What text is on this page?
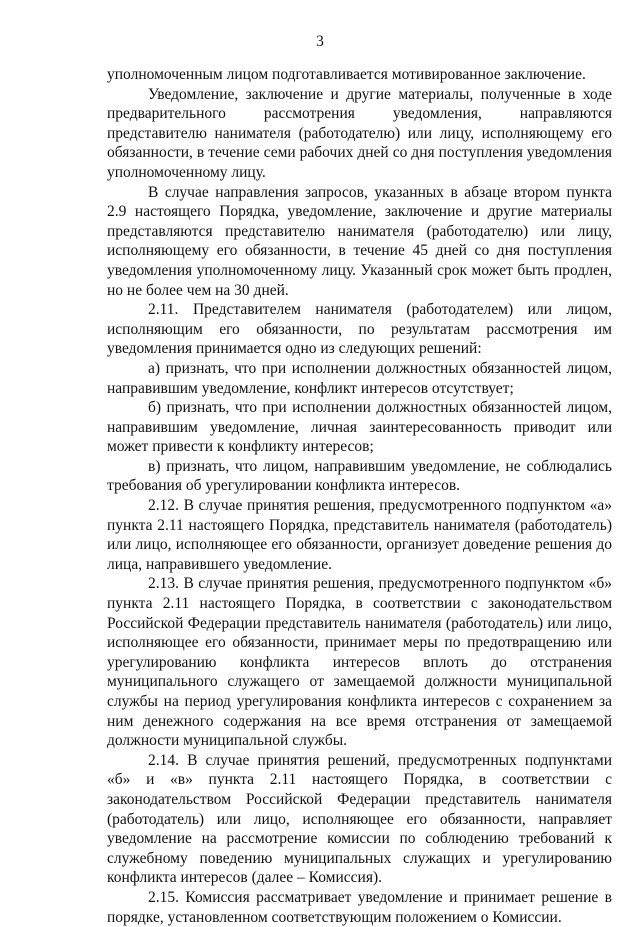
3

уполномоченным лицом подготавливается мотивированное заключение.

Уведомление, заключение и другие материалы, полученные в ходе предварительного рассмотрения уведомления, направляются представителю нанимателя (работодателю) или лицу, исполняющему его обязанности, в течение семи рабочих дней со дня поступления уведомления уполномоченному лицу.

В случае направления запросов, указанных в абзаце втором пункта 2.9 настоящего Порядка, уведомление, заключение и другие материалы представляются представителю нанимателя (работодателю) или лицу, исполняющему его обязанности, в течение 45 дней со дня поступления уведомления уполномоченному лицу. Указанный срок может быть продлен, но не более чем на 30 дней.

2.11. Представителем нанимателя (работодателем) или лицом, исполняющим его обязанности, по результатам рассмотрения им уведомления принимается одно из следующих решений:

а) признать, что при исполнении должностных обязанностей лицом, направившим уведомление, конфликт интересов отсутствует;

б) признать, что при исполнении должностных обязанностей лицом, направившим уведомление, личная заинтересованность приводит или может привести к конфликту интересов;

в) признать, что лицом, направившим уведомление, не соблюдались требования об урегулировании конфликта интересов.

2.12. В случае принятия решения, предусмотренного подпунктом «а» пункта 2.11 настоящего Порядка, представитель нанимателя (работодатель) или лицо, исполняющее его обязанности, организует доведение решения до лица, направившего уведомление.

2.13. В случае принятия решения, предусмотренного подпунктом «б» пункта 2.11 настоящего Порядка, в соответствии с законодательством Российской Федерации представитель нанимателя (работодатель) или лицо, исполняющее его обязанности, принимает меры по предотвращению или урегулированию конфликта интересов вплоть до отстранения муниципального служащего от замещаемой должности муниципальной службы на период урегулирования конфликта интересов с сохранением за ним денежного содержания на все время отстранения от замещаемой должности муниципальной службы.

2.14. В случае принятия решений, предусмотренных подпунктами «б» и «в» пункта 2.11 настоящего Порядка, в соответствии с законодательством Российской Федерации представитель нанимателя (работодатель) или лицо, исполняющее его обязанности, направляет уведомление на рассмотрение комиссии по соблюдению требований к служебному поведению муниципальных служащих и урегулированию конфликта интересов (далее – Комиссия).

2.15. Комиссия рассматривает уведомление и принимает решение в порядке, установленном соответствующим положением о Комиссии.
